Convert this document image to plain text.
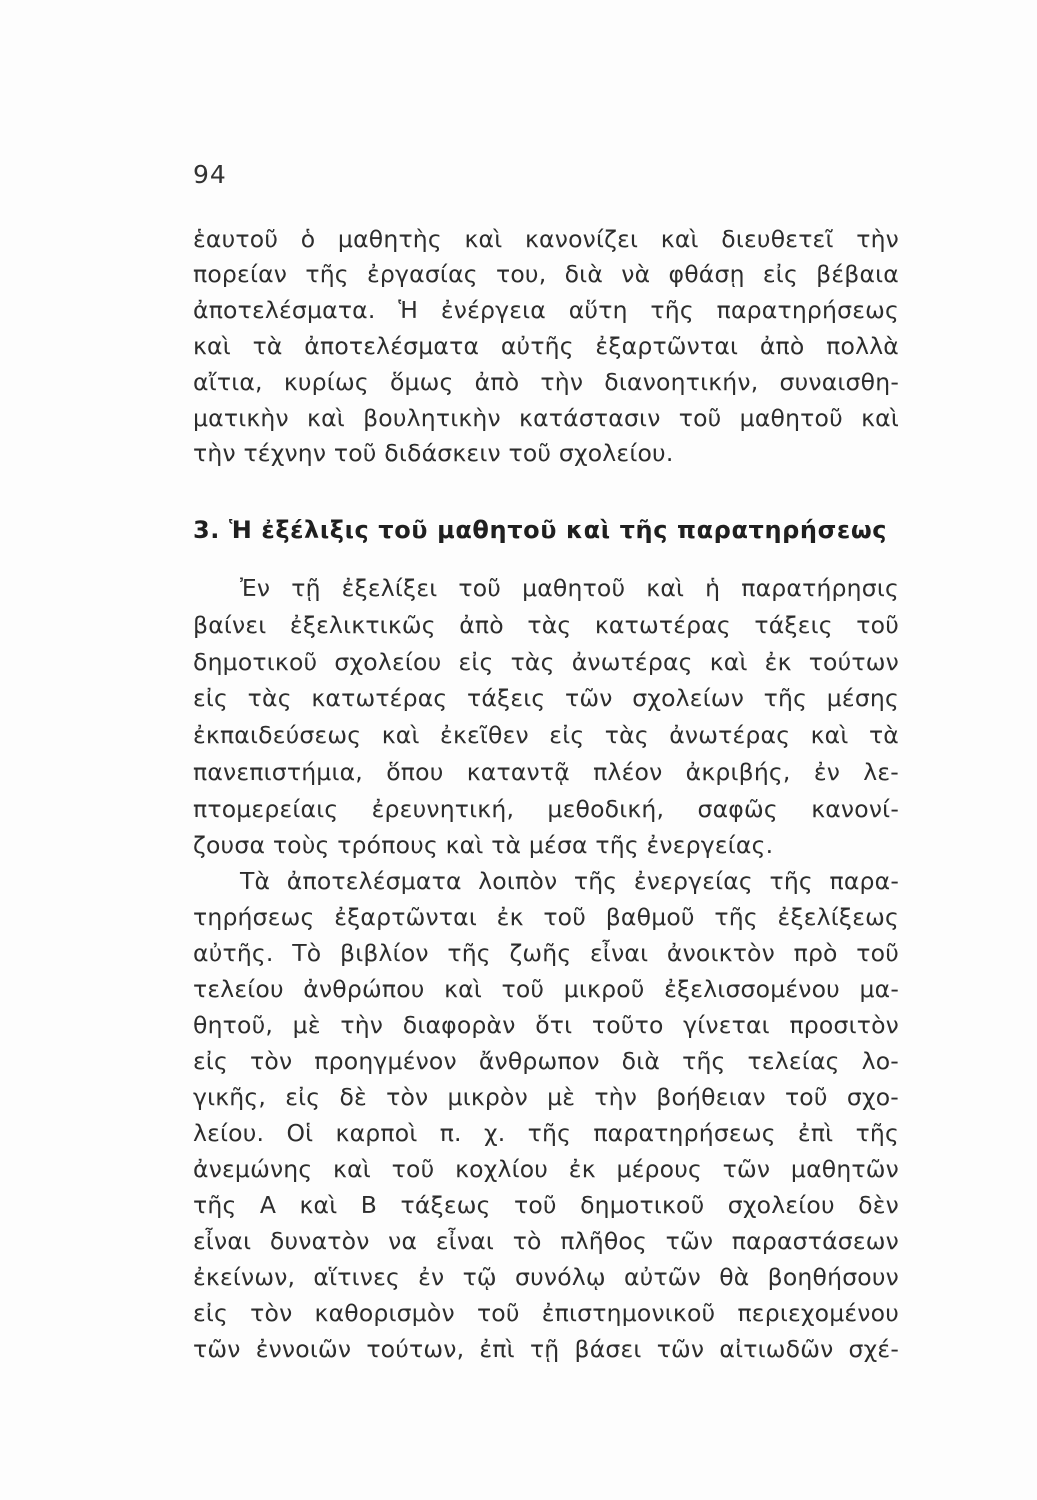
94
ἑαυτοῦ ὁ μαθητὴς καὶ κανονίζει καὶ διευθετεῖ τὴν
πορείαν τῆς ἐργασίας του, διὰ νὰ φθάσῃ εἰς βέβαια
ἀποτελέσματα. Ἡ ἐνέργεια αὕτη τῆς παρατηρήσεως
καὶ τὰ ἀποτελέσματα αὐτῆς ἐξαρτῶνται ἀπὸ πολλὰ
αἴτια, κυρίως ὅμως ἀπὸ τὴν διανοητικήν, συναισθη-
ματικὴν καὶ βουλητικὴν κατάστασιν τοῦ μαθητοῦ καὶ
τὴν τέχνην τοῦ διδάσκειν τοῦ σχολείου.
3. Ἡ ἐξέλιξις τοῦ μαθητοῦ καὶ τῆς παρατηρήσεως
Ἐν τῇ ἐξελίξει τοῦ μαθητοῦ καὶ ἡ παρατήρησις
βαίνει ἐξελικτικῶς ἀπὸ τὰς κατωτέρας τάξεις τοῦ
δημοτικοῦ σχολείου εἰς τὰς ἀνωτέρας καὶ ἐκ τούτων
εἰς τὰς κατωτέρας τάξεις τῶν σχολείων τῆς μέσης
ἐκπαιδεύσεως καὶ ἐκεῖθεν εἰς τὰς ἀνωτέρας καὶ τὰ
πανεπιστήμια, ὅπου καταντᾷ πλέον ἀκριβής, ἐν λε-
πτομερείαις ἐρευνητική, μεθοδική, σαφῶς κανονί-
ζουσα τοὺς τρόπους καὶ τὰ μέσα τῆς ἐνεργείας.
Τὰ ἀποτελέσματα λοιπὸν τῆς ἐνεργείας τῆς παρα-
τηρήσεως ἐξαρτῶνται ἐκ τοῦ βαθμοῦ τῆς ἐξελίξεως
αὐτῆς. Τὸ βιβλίον τῆς ζωῆς εἶναι ἀνοικτὸν πρὸ τοῦ
τελείου ἀνθρώπου καὶ τοῦ μικροῦ ἐξελισσομένου μα-
θητοῦ, μὲ τὴν διαφορὰν ὅτι τοῦτο γίνεται προσιτὸν
εἰς τὸν προηγμένον ἄνθρωπον διὰ τῆς τελείας λο-
γικῆς, εἰς δὲ τὸν μικρὸν μὲ τὴν βοήθειαν τοῦ σχο-
λείου. Οἱ καρποὶ π. χ. τῆς παρατηρήσεως ἐπὶ τῆς
ἀνεμώνης καὶ τοῦ κοχλίου ἐκ μέρους τῶν μαθητῶν
τῆς Α καὶ Β τάξεως τοῦ δημοτικοῦ σχολείου δὲν
εἶναι δυνατὸν να εἶναι τὸ πλῆθος τῶν παραστάσεων
ἐκείνων, αἵτινες ἐν τῷ συνόλῳ αὐτῶν θὰ βοηθήσουν
εἰς τὸν καθορισμὸν τοῦ ἐπιστημονικοῦ περιεχομένου
τῶν ἐννοιῶν τούτων, ἐπὶ τῇ βάσει τῶν αἰτιωδῶν σχέ-
